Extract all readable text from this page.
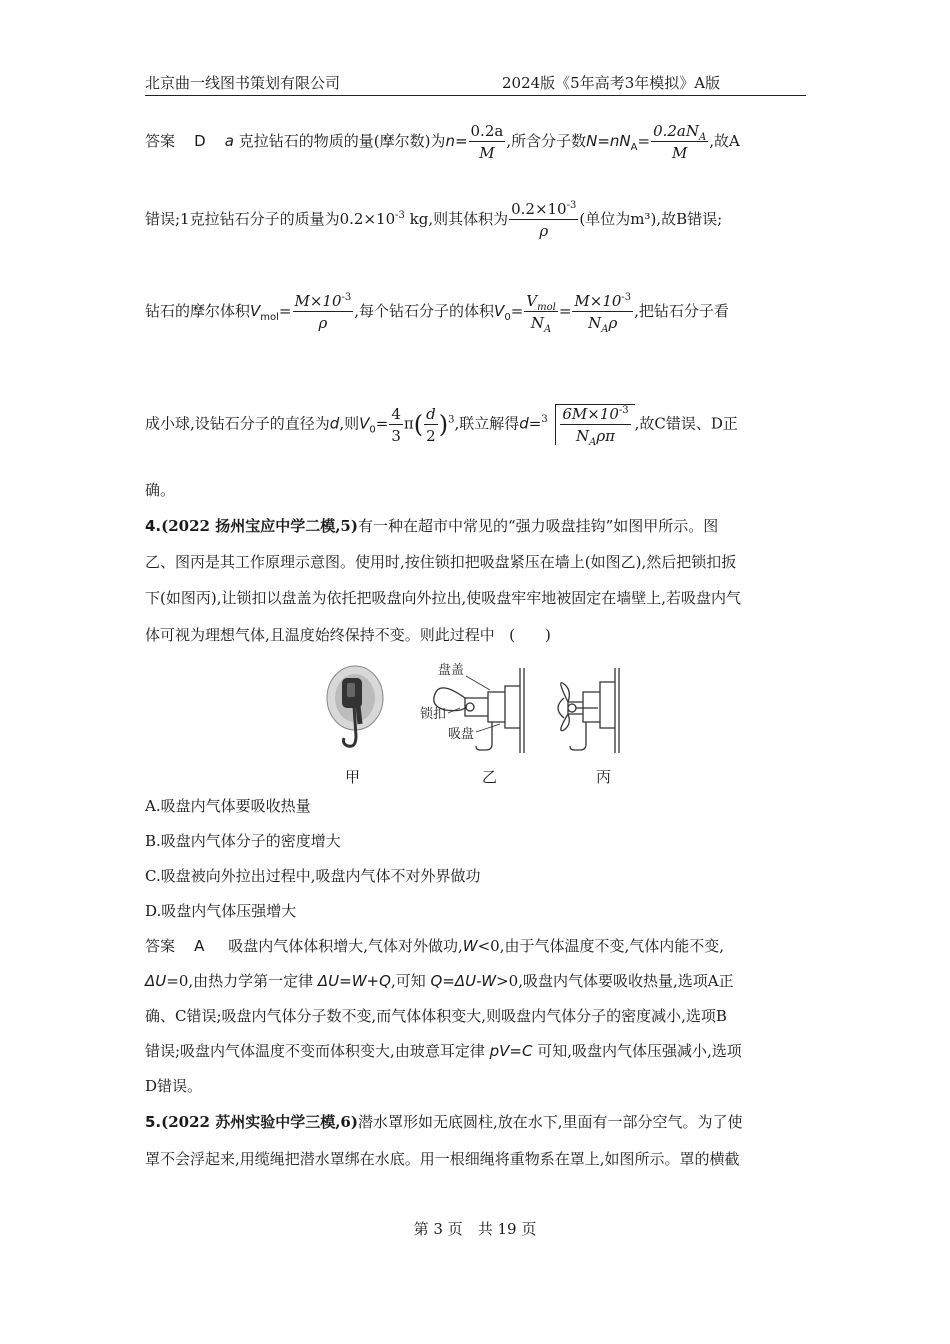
北京曲一线图书策划有限公司	2024版《5年高考3年模拟》A版
答案 D a 克拉钻石的物质的量(摩尔数)为$n= \frac{0.2a}{M}$ ,所含分子数$N=nN_A= \frac{0.2aN_A}{M}$ ,故A
错误;1克拉钻石分子的质量为$0.2\times 10^{-3}$ kg,则其体积为 $\frac{0.2\times 10^{-3}}{\rho}$ (单位为m³),故B错误;
钻石的摩尔体积$V_{mol}= \frac{M\times 10^{-3}}{\rho}$ ,每个钻石分子的体积$V_0= \frac{V_{mol}}{N_A} = \frac{M\times 10^{-3}}{N_A\rho}$ ,把钻石分子看
成小球,设钻石分子的直径为d,则$V_0= \frac{4}{3} \pi( \frac{d}{2} )^3$,联立解得$d= 3 \frac{6M\times 10^{-3}}{N_A\rho\pi}$ ,故C错误、D正
确。
4.(2022 扬州宝应中学二模,5)有一种在超市中常见的“强力吸盘挂钩”如图甲所示。图
乙、图丙是其工作原理示意图。使用时,按住锁扣把吸盘紧压在墙上(如图乙),然后把锁扣扳
下(如图丙),让锁扣以盘盖为依托把吸盘向外拉出,使吸盘牢牢地被固定在墙壁上,若吸盘内气
体可视为理想气体,且温度始终保持不变。则此过程中 (　　)
盘盖
锁扣
吸盘
甲	乙	丙
A.吸盘内气体要吸收热量
B.吸盘内气体分子的密度增大
C.吸盘被向外拉出过程中,吸盘内气体不对外界做功
D.吸盘内气体压强增大
答案 A 吸盘内气体体积增大,气体对外做功,W<0,由于气体温度不变,气体内能不变,
ΔU=0,由热力学第一定律 ΔU=W+Q,可知 Q=ΔU-W>0,吸盘内气体要吸收热量,选项A正
确、C错误;吸盘内气体分子数不变,而气体体积变大,则吸盘内气体分子的密度减小,选项B
错误;吸盘内气体温度不变而体积变大,由玻意耳定律 pV=C 可知,吸盘内气体压强减小,选项
D错误。
5.(2022 苏州实验中学三模,6)潜水罩形如无底圆柱,放在水下,里面有一部分空气。为了使
罩不会浮起来,用缆绳把潜水罩绑在水底。用一根细绳将重物系在罩上,如图所示。罩的横截
第 3 页　共 19 页
